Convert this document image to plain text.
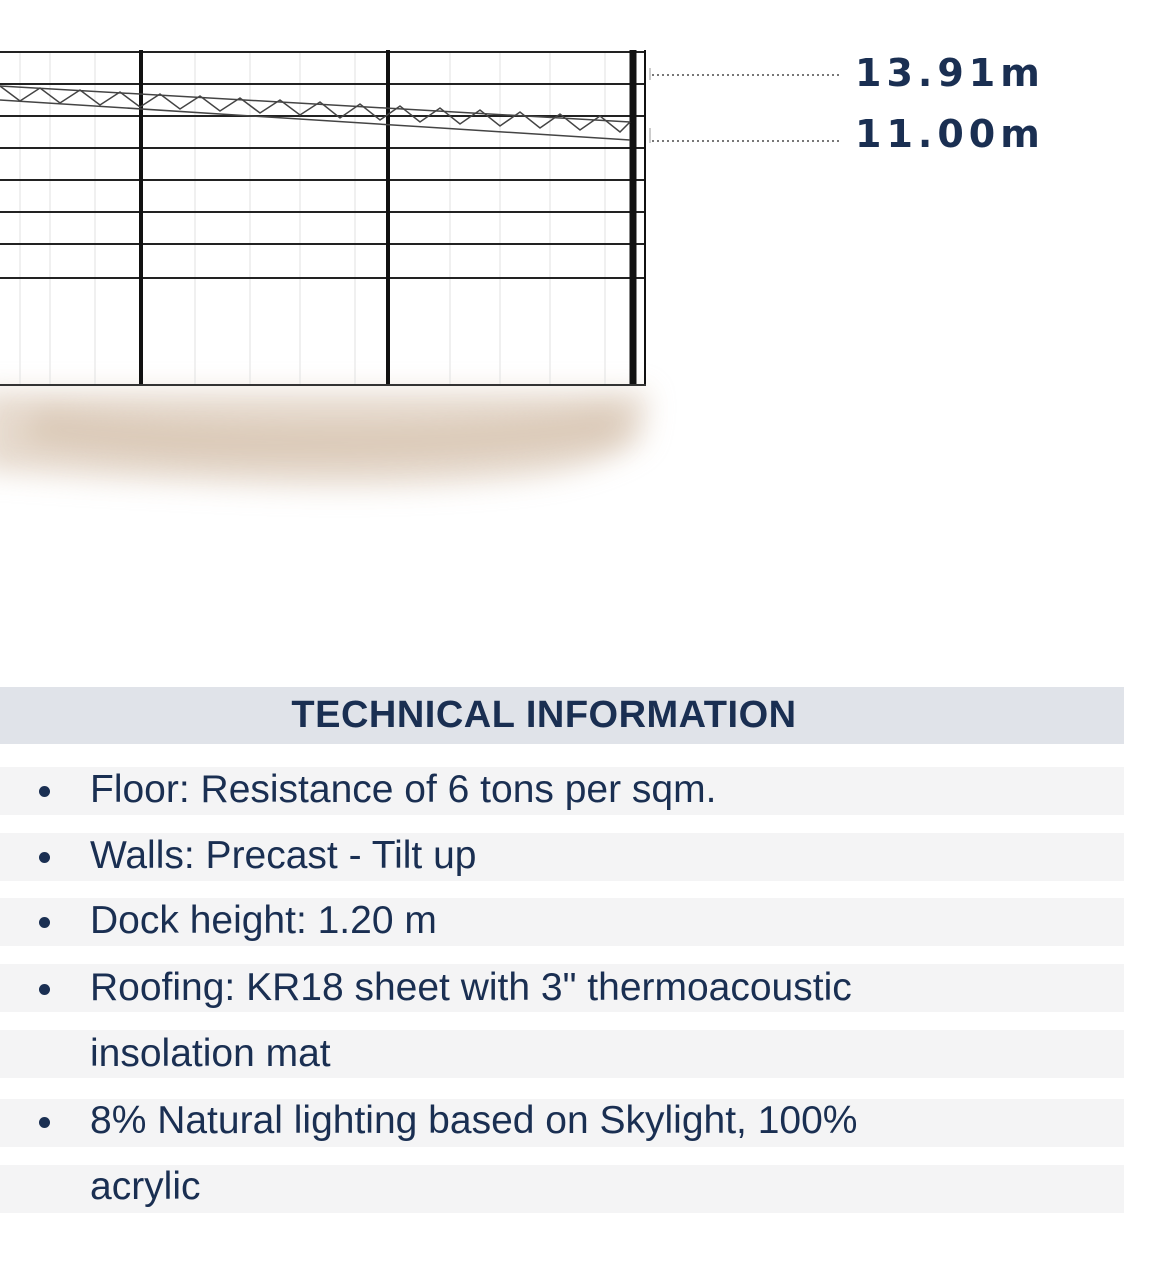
13.91m
11.00m
TECHNICAL INFORMATION
Floor: Resistance of 6 tons per sqm.
Walls: Precast - Tilt up
Dock height: 1.20 m
Roofing: KR18 sheet with 3" thermoacoustic
insolation mat
8% Natural lighting based on Skylight, 100%
acrylic
